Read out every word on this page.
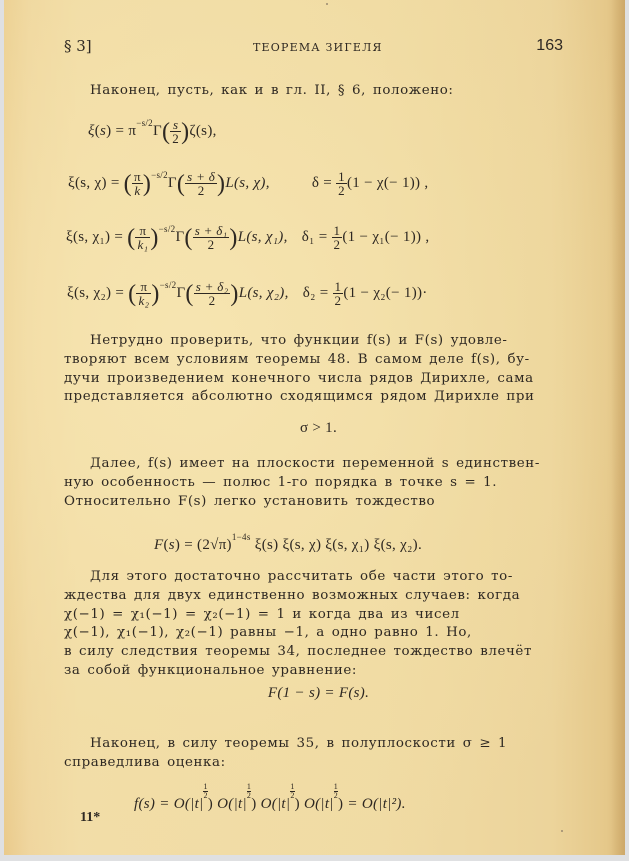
§ 3]	ТЕОРЕМА ЗИГЕЛЯ	163
Наконец, пусть, как и в гл. II, § 6, положено:
$\xi(s) = \pi^{-s/2}\Gamma( \frac{s}{2} )\zeta(s)$,
ξ(s, χ) = ( $\frac{\pi}{k} )^{-s/2}\Gamma( \frac{s + \delta}{2} )L(s$, χ),	$\delta = \frac{1}{2} (1 - \chi(- 1))$ ,
ξ(s, χ₁) = ( $\frac{\pi}{\text{k₁}} )^{-s/2}\Gamma( \frac{\text{s + δ₁}}{2} )L(s$, χ₁), $\delta_1 = \frac{1}{2} (1 - \chi_1(- 1))$ ,
ξ(s, χ₂) = ( $\frac{\pi}{\text{k₂}} )^{-s/2}\Gamma( \frac{\text{s + δ₂}}{2} )L(s$, χ₂), $\delta_2 = \frac{1}{2} (1 - \chi_2(- 1))\cdot$
Нетрудно проверить, что функции f(s) и F(s) удовле-
творяют всем условиям теоремы 48. В самом деле f(s), бу-
дучи произведением конечного числа рядов Дирихле, сама
представляется абсолютно сходящимся рядом Дирихле при
σ > 1.
Далее, f(s) имеет на плоскости переменной s единствен-
ную особенность — полюс 1-го порядка в точке s = 1.
Относительно F(s) легко установить тождество
$F(s) = (2√\pi)^{1-4s}$ ξ(s) ξ(s, χ) ξ(s, χ₁) ξ(s, χ₂).
Для этого достаточно рассчитать обе части этого то-
ждества для двух единственно возможных случаев: когда
χ(−1) = χ₁(−1) = χ₂(−1) = 1 и когда два из чисел
χ(−1), χ₁(−1), χ₂(−1) равны −1, а одно равно 1. Но,
в силу следствия теоремы 34, последнее тождество влечёт
за собой функциональное уравнение:
F(1 − s) = F(s).
Наконец, в силу теоремы 35, в полуплоскости σ ≥ 1
справедлива оценка:
f(s) = O(|t|
$\frac{1}{2}$) O(|t|
$\frac{1}{2}$) O(|t|
$\frac{1}{2}$) O(|t|
$\frac{1}{2}) = O(|t|^2)$.
11*
